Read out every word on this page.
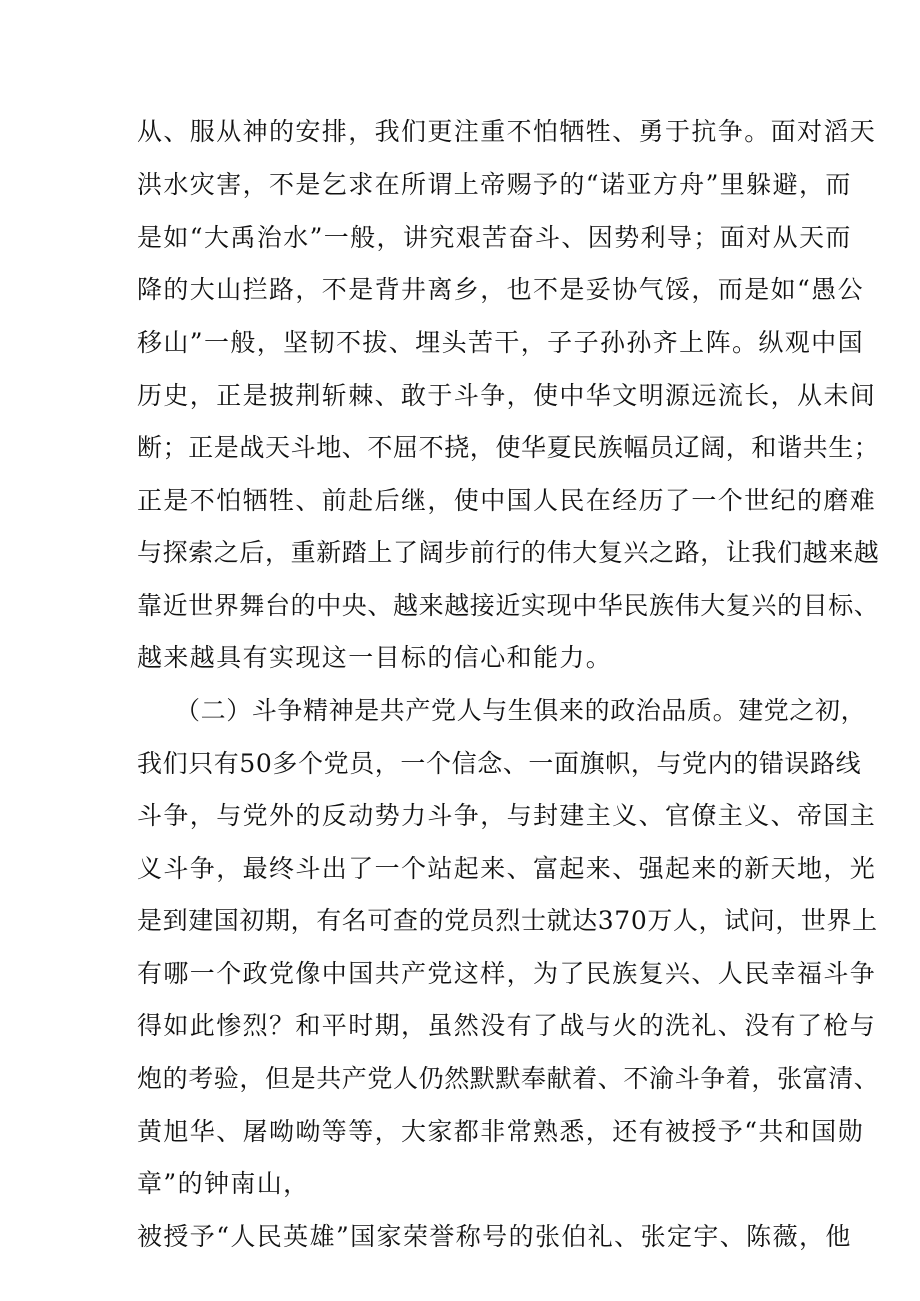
从、服从神的安排，我们更注重不怕牺牲、勇于抗争。面对滔天
洪水灾害，不是乞求在所谓上帝赐予的“诺亚方舟”里躲避，而
是如“大禹治水”一般，讲究艰苦奋斗、因势利导；面对从天而
降的大山拦路，不是背井离乡，也不是妥协气馁，而是如“愚公
移山”一般，坚韧不拔、埋头苦干，子子孙孙齐上阵。纵观中国
历史，正是披荆斩棘、敢于斗争，使中华文明源远流长，从未间
断；正是战天斗地、不屈不挠，使华夏民族幅员辽阔，和谐共生；
正是不怕牺牲、前赴后继，使中国人民在经历了一个世纪的磨难
与探索之后，重新踏上了阔步前行的伟大复兴之路，让我们越来越
靠近世界舞台的中央、越来越接近实现中华民族伟大复兴的目标、
越来越具有实现这一目标的信心和能力。
（二）斗争精神是共产党人与生俱来的政治品质。建党之初，
我们只有50多个党员，一个信念、一面旗帜，与党内的错误路线
斗争，与党外的反动势力斗争，与封建主义、官僚主义、帝国主
义斗争，最终斗出了一个站起来、富起来、强起来的新天地，光
是到建国初期，有名可查的党员烈士就达370万人，试问，世界上
有哪一个政党像中国共产党这样，为了民族复兴、人民幸福斗争
得如此惨烈？和平时期，虽然没有了战与火的洗礼、没有了枪与
炮的考验，但是共产党人仍然默默奉献着、不渝斗争着，张富清、
黄旭华、屠呦呦等等，大家都非常熟悉，还有被授予“共和国勋
章”的钟南山，
被授予“人民英雄”国家荣誉称号的张伯礼、张定宇、陈薇，他
